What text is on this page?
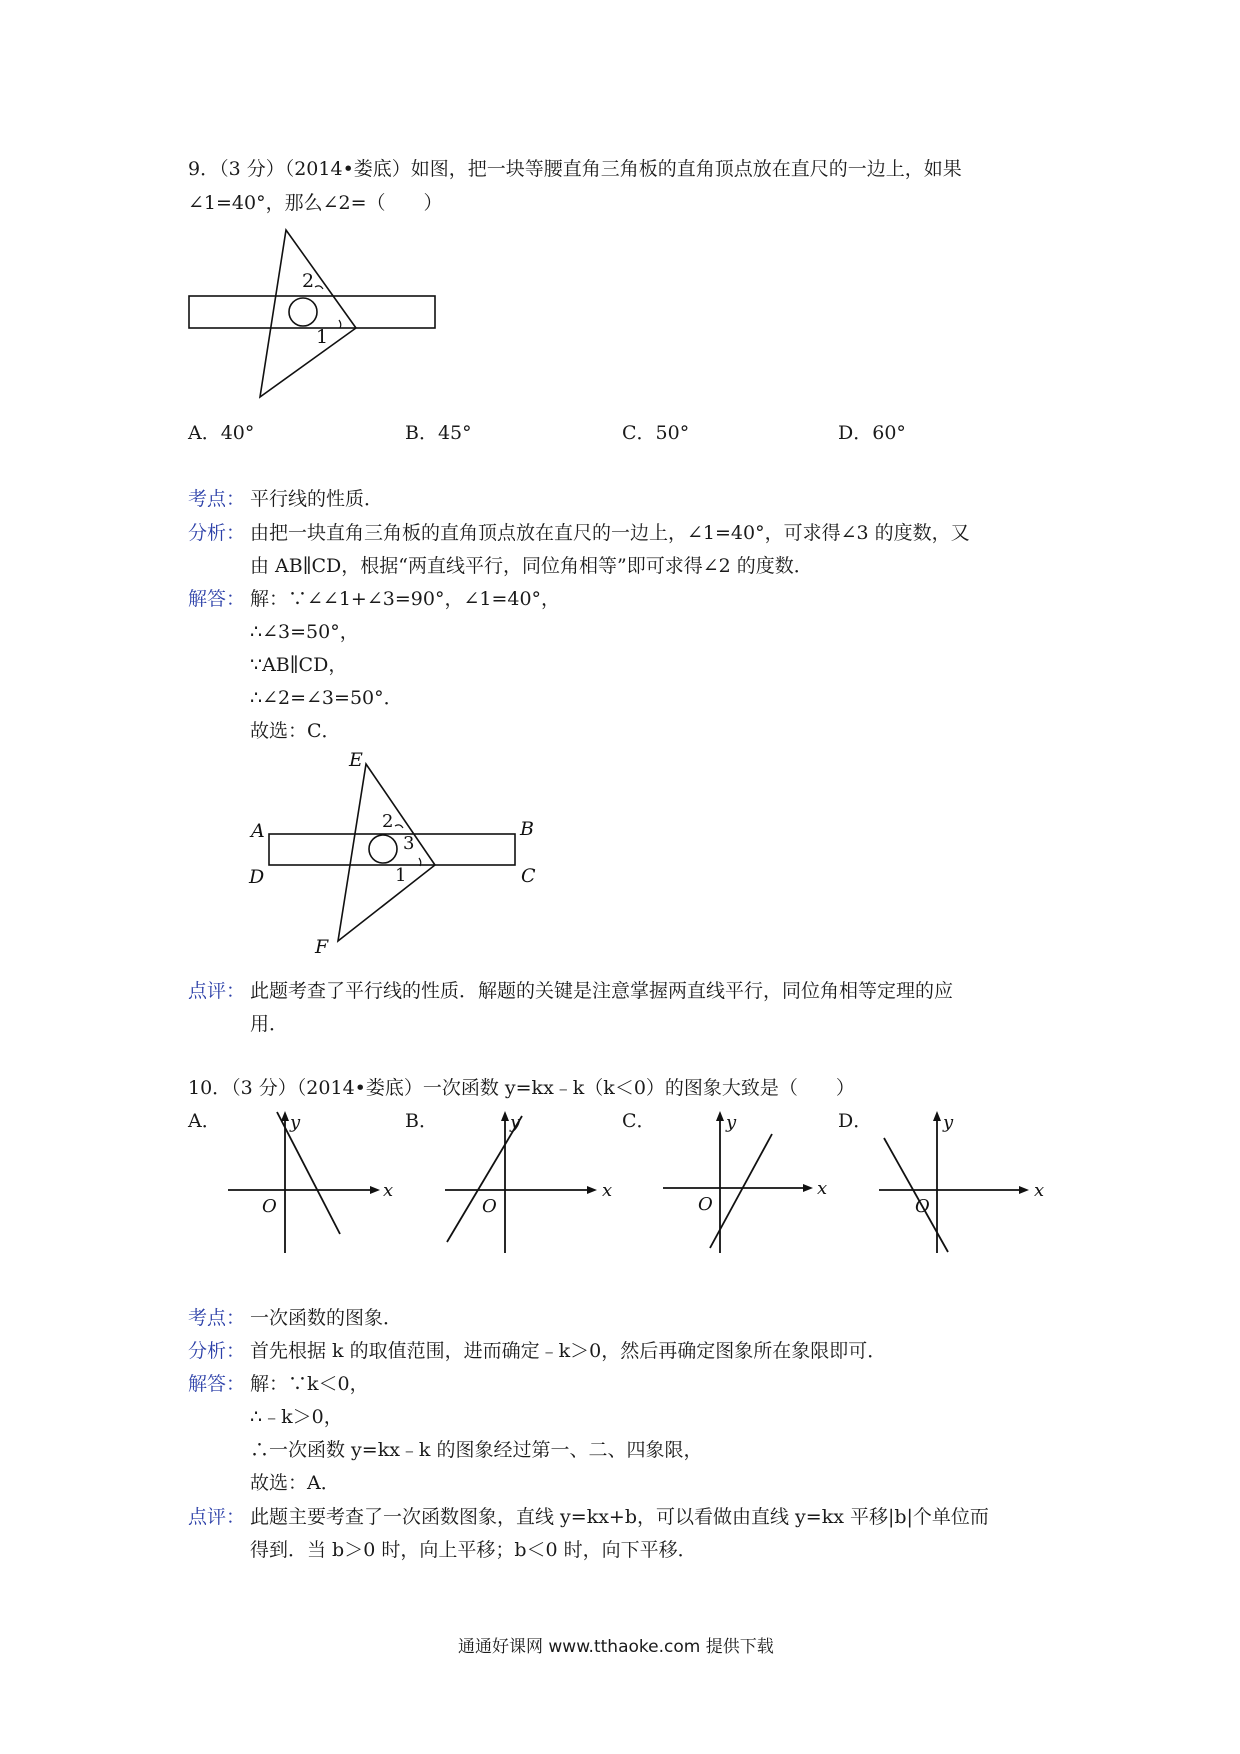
9．（3 分）（2014•娄底）如图，把一块等腰直角三角板的直角顶点放在直尺的一边上，如果
∠1=40°，那么∠2=（　　）
2
1
A．40°	B．45°	C．50°	D．60°
考点： 平行线的性质．
分析： 由把一块直角三角板的直角顶点放在直尺的一边上，∠1=40°，可求得∠3 的度数，又
由 AB∥CD，根据“两直线平行，同位角相等”即可求得∠2 的度数．
解答： 解：∵∠∠1+∠3=90°，∠1=40°，
∴∠3=50°，
∵AB∥CD，
∴∠2=∠3=50°．
故选：C．
E
A	B
D	C
F
2
3
1
点评： 此题考查了平行线的性质．解题的关键是注意掌握两直线平行，同位角相等定理的应
用．
10．（3 分）（2014•娄底）一次函数 y=kx﹣k（k＜0）的图象大致是（　　）
A．	B．	C．	D．
x
y
O
x
y
O
x
y
O
x
y
O
考点： 一次函数的图象．
分析： 首先根据 k 的取值范围，进而确定﹣k＞0，然后再确定图象所在象限即可．
解答： 解：∵k＜0，
∴﹣k＞0，
∴一次函数 y=kx﹣k 的图象经过第一、二、四象限，
故选：A．
点评： 此题主要考查了一次函数图象，直线 y=kx+b，可以看做由直线 y=kx 平移|b|个单位而
得到．当 b＞0 时，向上平移；b＜0 时，向下平移．
通通好课网 www.tthaoke.com 提供下载
